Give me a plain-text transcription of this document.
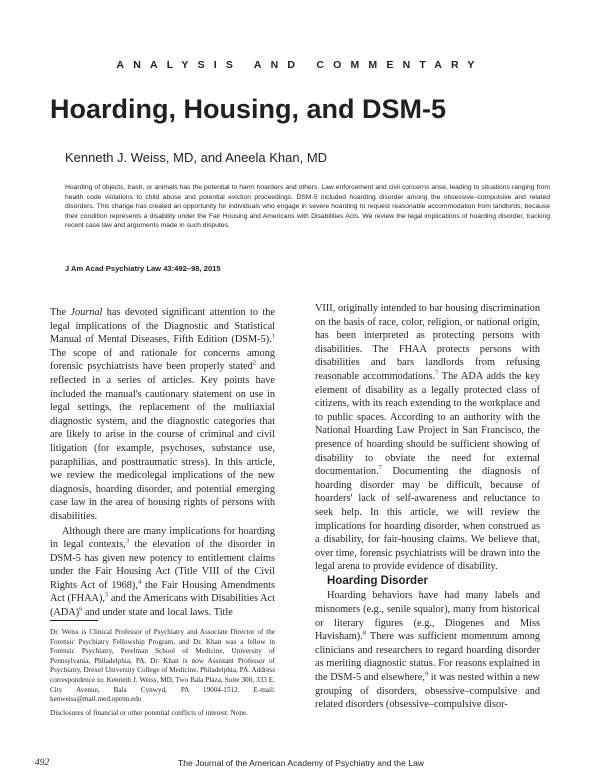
ANALYSIS AND COMMENTARY
Hoarding, Housing, and DSM-5
Kenneth J. Weiss, MD, and Aneela Khan, MD
Hoarding of objects, trash, or animals has the potential to harm hoarders and others. Law enforcement and civil concerns arise, leading to situations ranging from health code violations to child abuse and potential eviction proceedings. DSM-5 included hoarding disorder among the obsessive–compulsive and related disorders. This change has created an opportunity for individuals who engage in severe hoarding to request reasonable accommodation from landlords, because their condition represents a disability under the Fair Housing and Americans with Disabilities Acts. We review the legal implications of hoarding disorder, tracking recent case law and arguments made in such disputes.
J Am Acad Psychiatry Law 43:492–98, 2015

The Journal has devoted significant attention to the legal implications of the Diagnostic and Statistical Manual of Mental Diseases, Fifth Edition (DSM-5).$^1$ The scope of and rationale for concerns among forensic psychiatrists have been properly stated$^2$ and reflected in a series of articles. Key points have included the manual's cautionary statement on use in legal settings, the replacement of the multiaxial diagnostic system, and the diagnostic categories that are likely to arise in the course of criminal and civil litigation (for example, psychoses, substance use, paraphilias, and posttraumatic stress). In this article, we review the medicolegal implications of the new diagnosis, hoarding disorder, and potential emerging case law in the area of housing rights of persons with disabilities.

Although there are many implications for hoarding in legal contexts,$^3$ the elevation of the disorder in DSM-5 has given new potency to entitlement claims under the Fair Housing Act (Title VIII of the Civil Rights Act of 1968),$^4$ the Fair Housing Amendments Act (FHAA),$^5$ and the Americans with Disabilities Act (ADA)$^6$ and under state and local laws. Title

Dr. Weiss is Clinical Professor of Psychiatry and Associate Director of the Forensic Psychiatry Fellowship Program, and Dr. Khan was a fellow in Forensic Psychiatry, Perelman School of Medicine, University of Pennsylvania, Philadelphia, PA. Dr. Khan is now Assistant Professor of Psychiatry, Drexel University College of Medicine, Philadelphia, PA. Address correspondence to: Kenneth J. Weiss, MD, Two Bala Plaza, Suite 300, 333 E. City Avenue, Bala Cynwyd, PA 19004-1512. E-mail: kenweiss@mail.med.upenn.edu

Disclosures of financial or other potential conflicts of interest: None.

VIII, originally intended to bar housing discrimination on the basis of race, color, religion, or national origin, has been interpreted as protecting persons with disabilities. The FHAA protects persons with disabilities and bars landlords from refusing reasonable accommodations.$^7$ The ADA adds the key element of disability as a legally protected class of citizens, with its reach extending to the workplace and to public spaces. According to an authority with the National Hoarding Law Project in San Francisco, the presence of hoarding should be sufficient showing of disability to obviate the need for external documentation.$^7$ Documenting the diagnosis of hoarding disorder may be difficult, because of hoarders' lack of self-awareness and reluctance to seek help. In this article, we will review the implications for hoarding disorder, when construed as a disability, for fair-housing claims. We believe that, over time, forensic psychiatrists will be drawn into the legal arena to provide evidence of disability.

Hoarding Disorder

Hoarding behaviors have had many labels and misnomers (e.g., senile squalor), many from historical or literary figures (e.g., Diogenes and Miss Havisham).$^8$ There was sufficient momentum among clinicians and researchers to regard hoarding disorder as meriting diagnostic status. For reasons explained in the DSM-5 and elsewhere,$^9$ it was nested within a new grouping of disorders, obsessive–compulsive and related disorders (obsessive–compulsive disor-

492	The Journal of the American Academy of Psychiatry and the Law
